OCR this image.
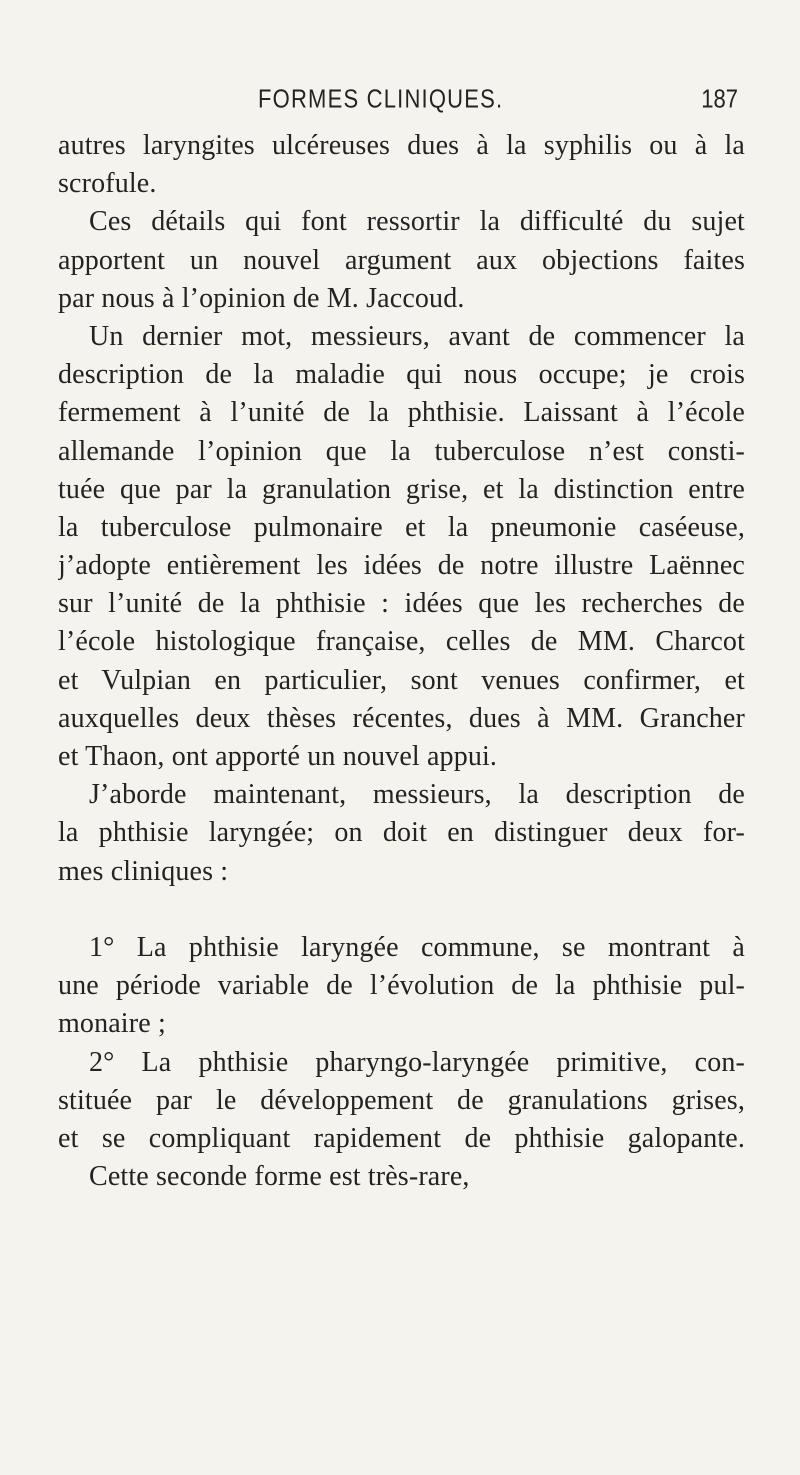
FORMES CLINIQUES.	187
autres laryngites ulcéreuses dues à la syphilis ou à la
scrofule.
Ces détails qui font ressortir la difficulté du sujet
apportent un nouvel argument aux objections faites
par nous à l’opinion de M. Jaccoud.
Un dernier mot, messieurs, avant de commencer la
description de la maladie qui nous occupe; je crois
fermement à l’unité de la phthisie. Laissant à l’école
allemande l’opinion que la tuberculose n’est consti-
tuée que par la granulation grise, et la distinction entre
la tuberculose pulmonaire et la pneumonie caséeuse,
j’adopte entièrement les idées de notre illustre Laënnec
sur l’unité de la phthisie : idées que les recherches de
l’école histologique française, celles de MM. Charcot
et Vulpian en particulier, sont venues confirmer, et
auxquelles deux thèses récentes, dues à MM. Grancher
et Thaon, ont apporté un nouvel appui.
J’aborde maintenant, messieurs, la description de
la phthisie laryngée; on doit en distinguer deux for-
mes cliniques :
1° La phthisie laryngée commune, se montrant à
une période variable de l’évolution de la phthisie pul-
monaire ;
2° La phthisie pharyngo-laryngée primitive, con-
stituée par le développement de granulations grises,
et se compliquant rapidement de phthisie galopante.
Cette seconde forme est très-rare,
